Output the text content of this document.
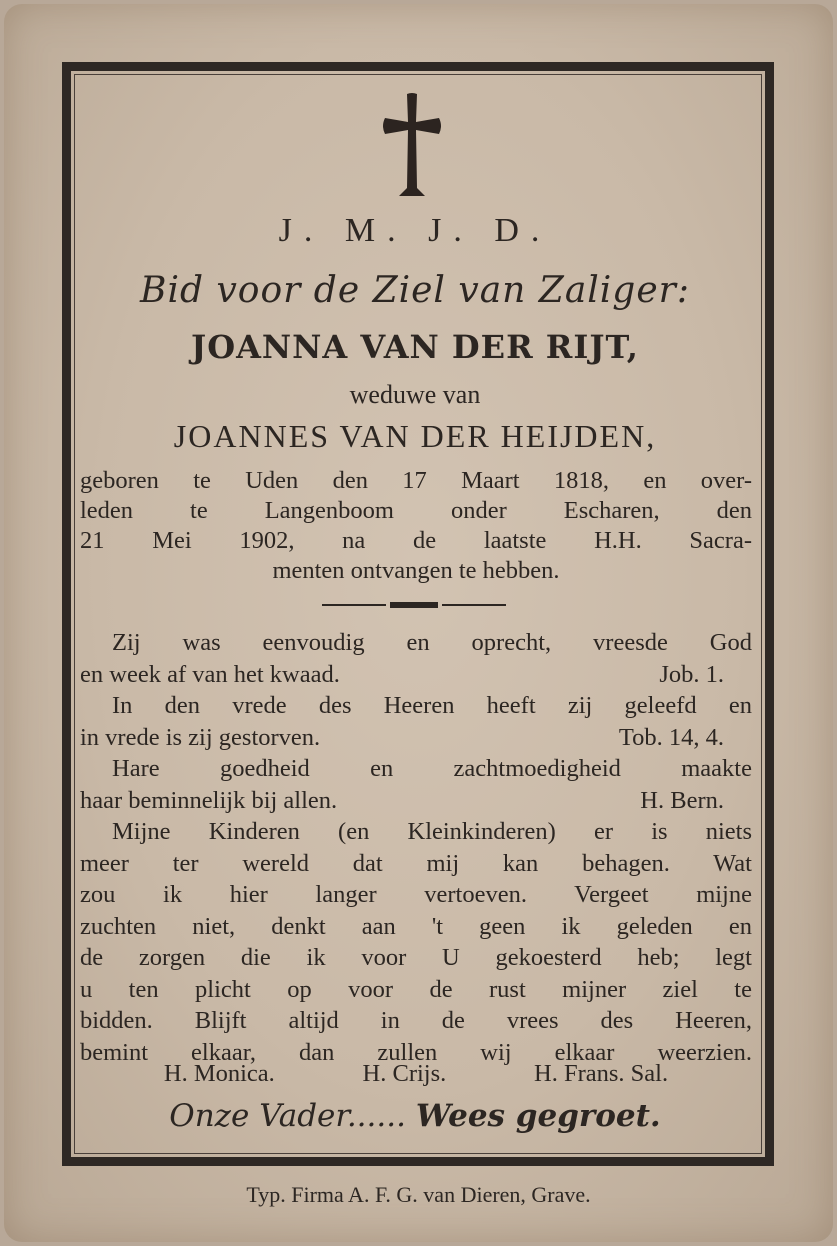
J. M. J. D.
Bid voor de Ziel van Zaliger:
JOANNA VAN DER RIJT,
weduwe van
JOANNES VAN DER HEIJDEN,
geboren te Uden den 17 Maart 1818, en over-
leden te Langenboom onder Escharen, den
21 Mei 1902, na de laatste H.H. Sacra-
menten ontvangen te hebben.
Zij was eenvoudig en oprecht, vreesde God
en week af van het kwaad.	Job. 1.
In den vrede des Heeren heeft zij geleefd en
in vrede is zij gestorven.	Tob. 14, 4.
Hare goedheid en zachtmoedigheid maakte
haar beminnelijk bij allen.	H. Bern.
Mijne Kinderen (en Kleinkinderen) er is niets
meer ter wereld dat mij kan behagen. Wat
zou ik hier langer vertoeven. Vergeet mijne
zuchten niet, denkt aan 't geen ik geleden en
de zorgen die ik voor U gekoesterd heb; legt
u ten plicht op voor de rust mijner ziel te
bidden. Blijft altijd in de vrees des Heeren,
bemint elkaar, dan zullen wij elkaar weerzien.
H. Monica.	H. Crijs.	H. Frans. Sal.
Onze Vader...... Wees gegroet.
Typ. Firma A. F. G. van Dieren, Grave.
